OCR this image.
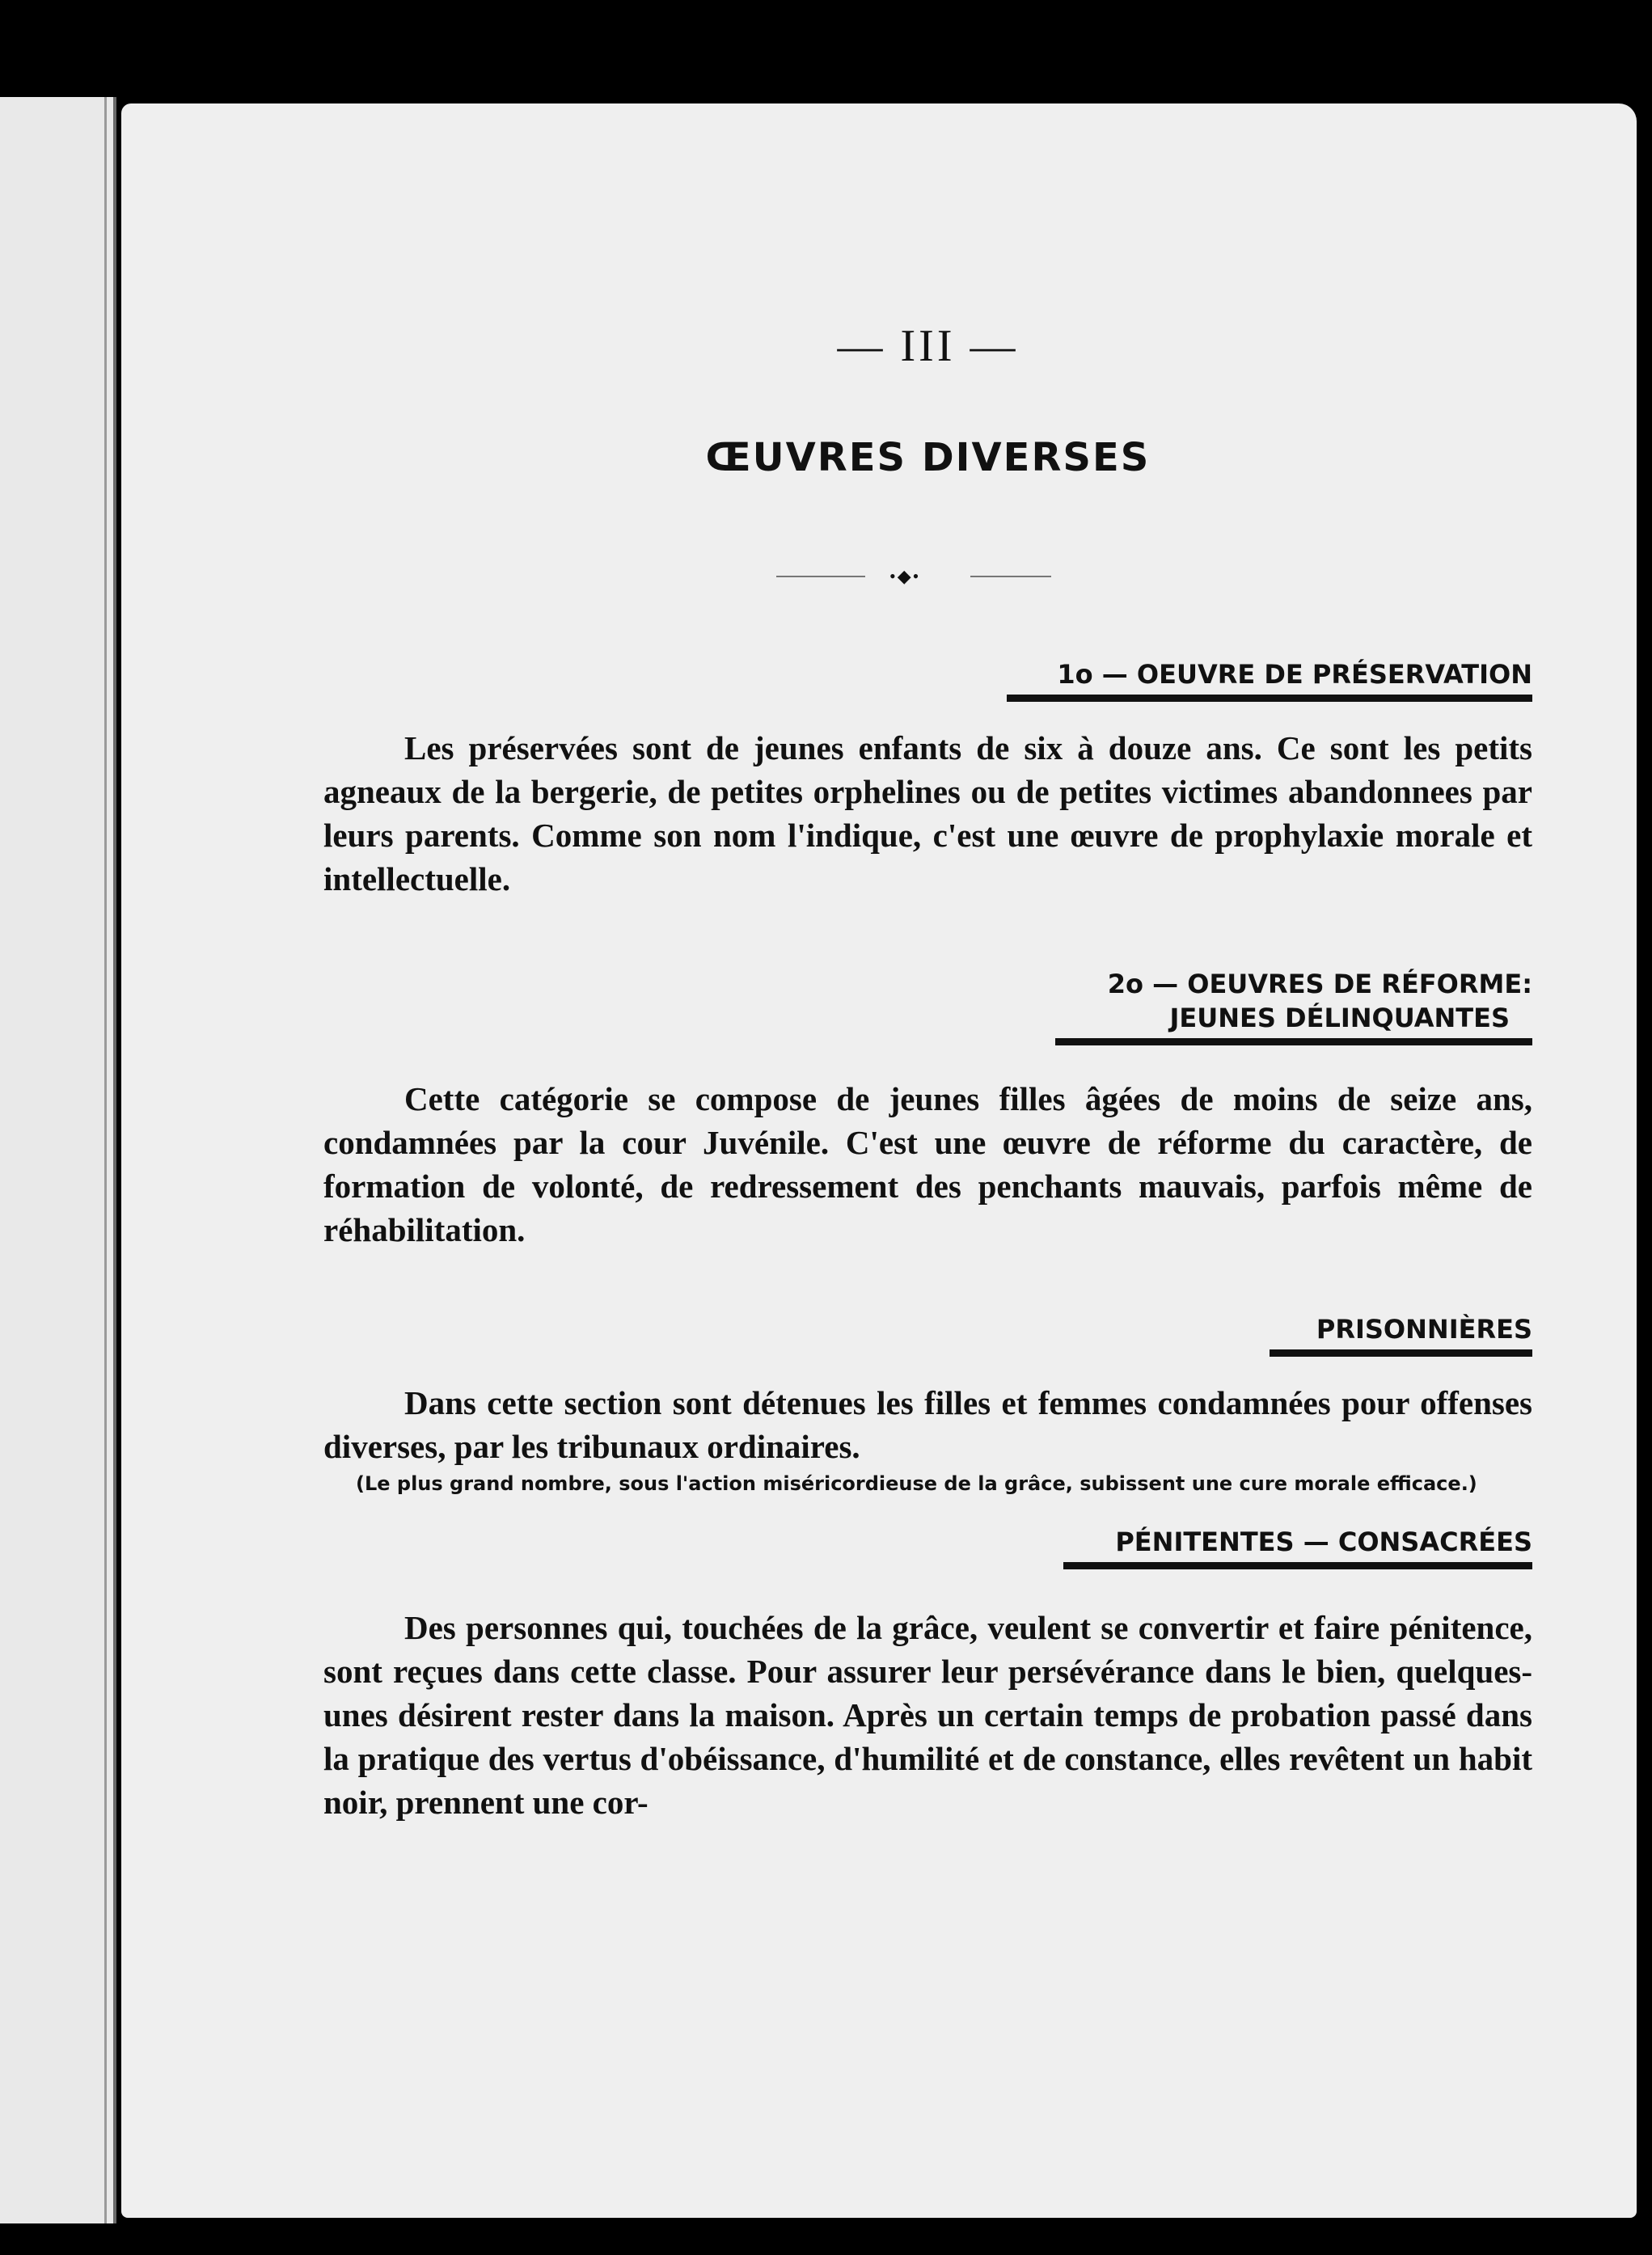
— III —
ŒUVRES DIVERSES
•◆•
1o — OEUVRE DE PRÉSERVATION
Les préservées sont de jeunes enfants de six à douze ans. Ce sont les petits agneaux de la bergerie, de petites orphelines ou de petites victimes abandonnees par leurs parents. Comme son nom l'indique, c'est une œuvre de prophylaxie morale et intellectuelle.
2o — OEUVRES DE RÉFORME:
JEUNES DÉLINQUANTES
Cette catégorie se compose de jeunes filles âgées de moins de seize ans, condamnées par la cour Juvénile. C'est une œuvre de réforme du caractère, de formation de volonté, de redressement des penchants mauvais, parfois même de réhabilitation.
PRISONNIÈRES
Dans cette section sont détenues les filles et femmes condamnées pour offenses diverses, par les tribunaux ordinaires.
(Le plus grand nombre, sous l'action miséricordieuse de la grâce, subissent une cure morale efficace.)
PÉNITENTES — CONSACRÉES
Des personnes qui, touchées de la grâce, veulent se convertir et faire pénitence, sont reçues dans cette classe. Pour assurer leur persévérance dans le bien, quelques-unes désirent rester dans la maison. Après un certain temps de probation passé dans la pratique des vertus d'obéissance, d'humilité et de constance, elles revêtent un habit noir, prennent une cor-
